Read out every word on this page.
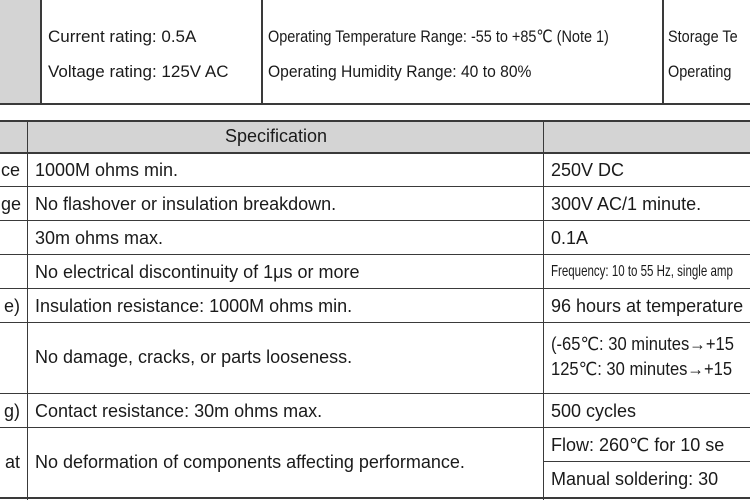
Current rating: 0.5A
Voltage rating: 125V AC
Operating Temperature Range: -55 to +85℃ (Note 1)
Operating Humidity Range: 40 to 80%
Storage Te
Operating
Specification
ce
ge
e)
g)
at
1000M ohms min.
No flashover or insulation breakdown.
30m ohms max.
No electrical discontinuity of 1μs or more
Insulation resistance: 1000M ohms min.
No damage, cracks, or parts looseness.
Contact resistance: 30m ohms max.
No deformation of components affecting performance.
250V DC
300V AC/1 minute.
0.1A
Frequency: 10 to 55 Hz, single amp
96 hours at temperature
(-65℃: 30 minutes→+15
125℃: 30 minutes→+15
500 cycles
Flow: 260℃ for 10 se
Manual soldering: 30
